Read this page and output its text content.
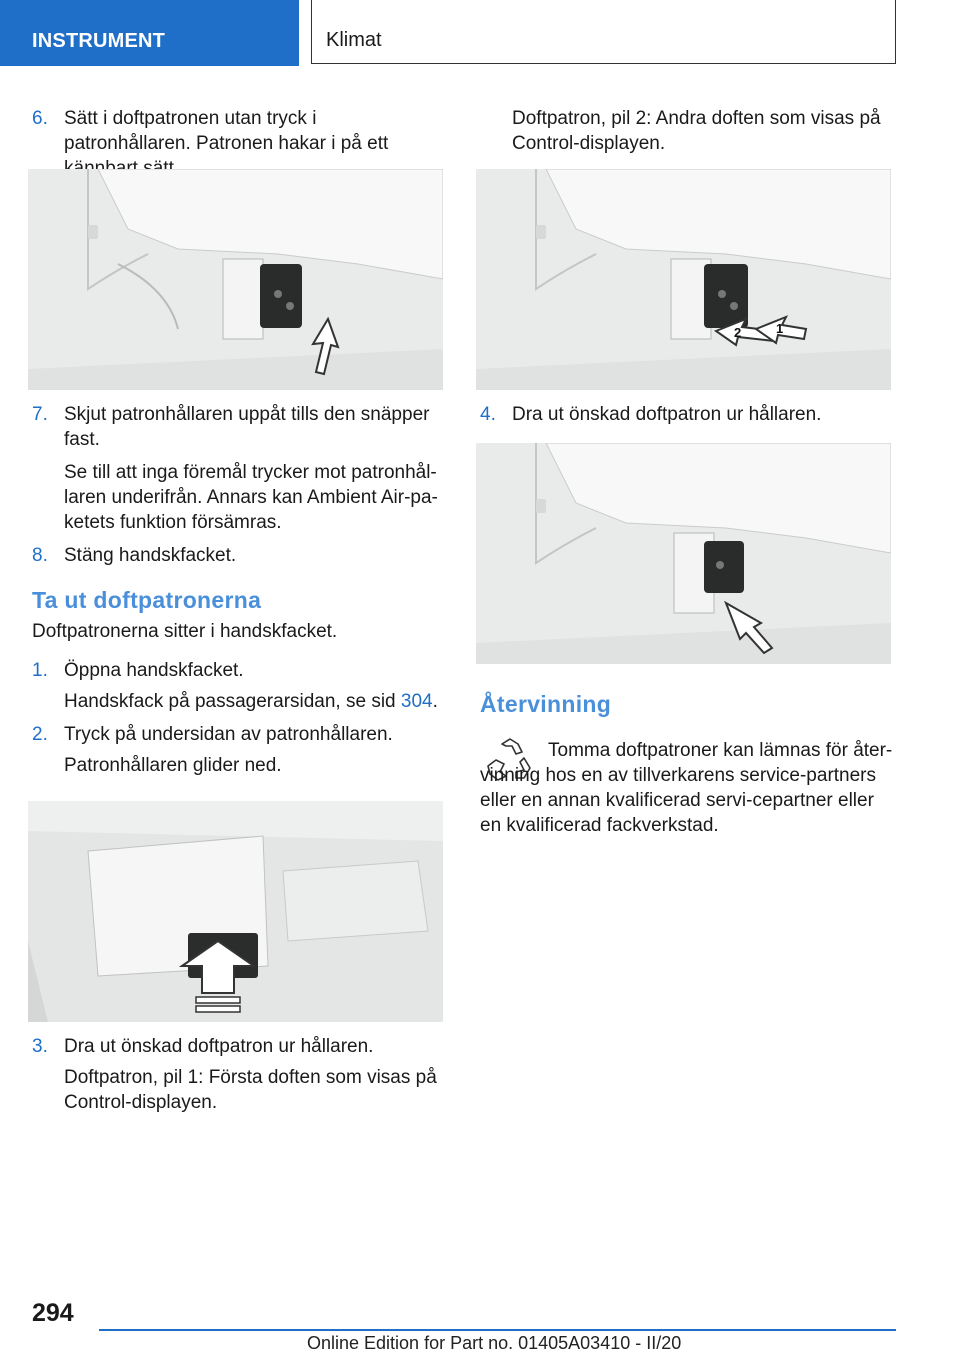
INSTRUMENT	Klimat
6. Sätt i doftpatronen utan tryck i patronhållaren. Patronen hakar i på ett

7. Skjut patronhållaren uppåt tills den snäpper fast.

Se till att inga föremål trycker mot patronhål-laren underifrån. Annars kan Ambient Air-pa-ketets funktion försämras.

8. Stäng handskfacket.

Ta ut doftpatronerna

Doftpatronerna sitter i handskfacket.

1. Öppna handskfacket.

Handskfack på passagerarsidan, se sid 304.

2. Tryck på undersidan av patronhållaren.

Patronhållaren glider ned.

3. Dra ut önskad doftpatron ur hållaren.

Doftpatron, pil 1: Första doften som visas på Control-displayen.

Doftpatron, pil 2: Andra doften som visas på Control-displayen.

2	1
4. Dra ut önskad doftpatron ur hållaren.

Återvinning

Tomma doftpatroner kan lämnas för åter-vinning hos en av tillverkarens service-partners eller en annan kvalificerad servi-cepartner eller en kvalificerad fackverkstad.

294
Online Edition for Part no. 01405A03410 - II/20
